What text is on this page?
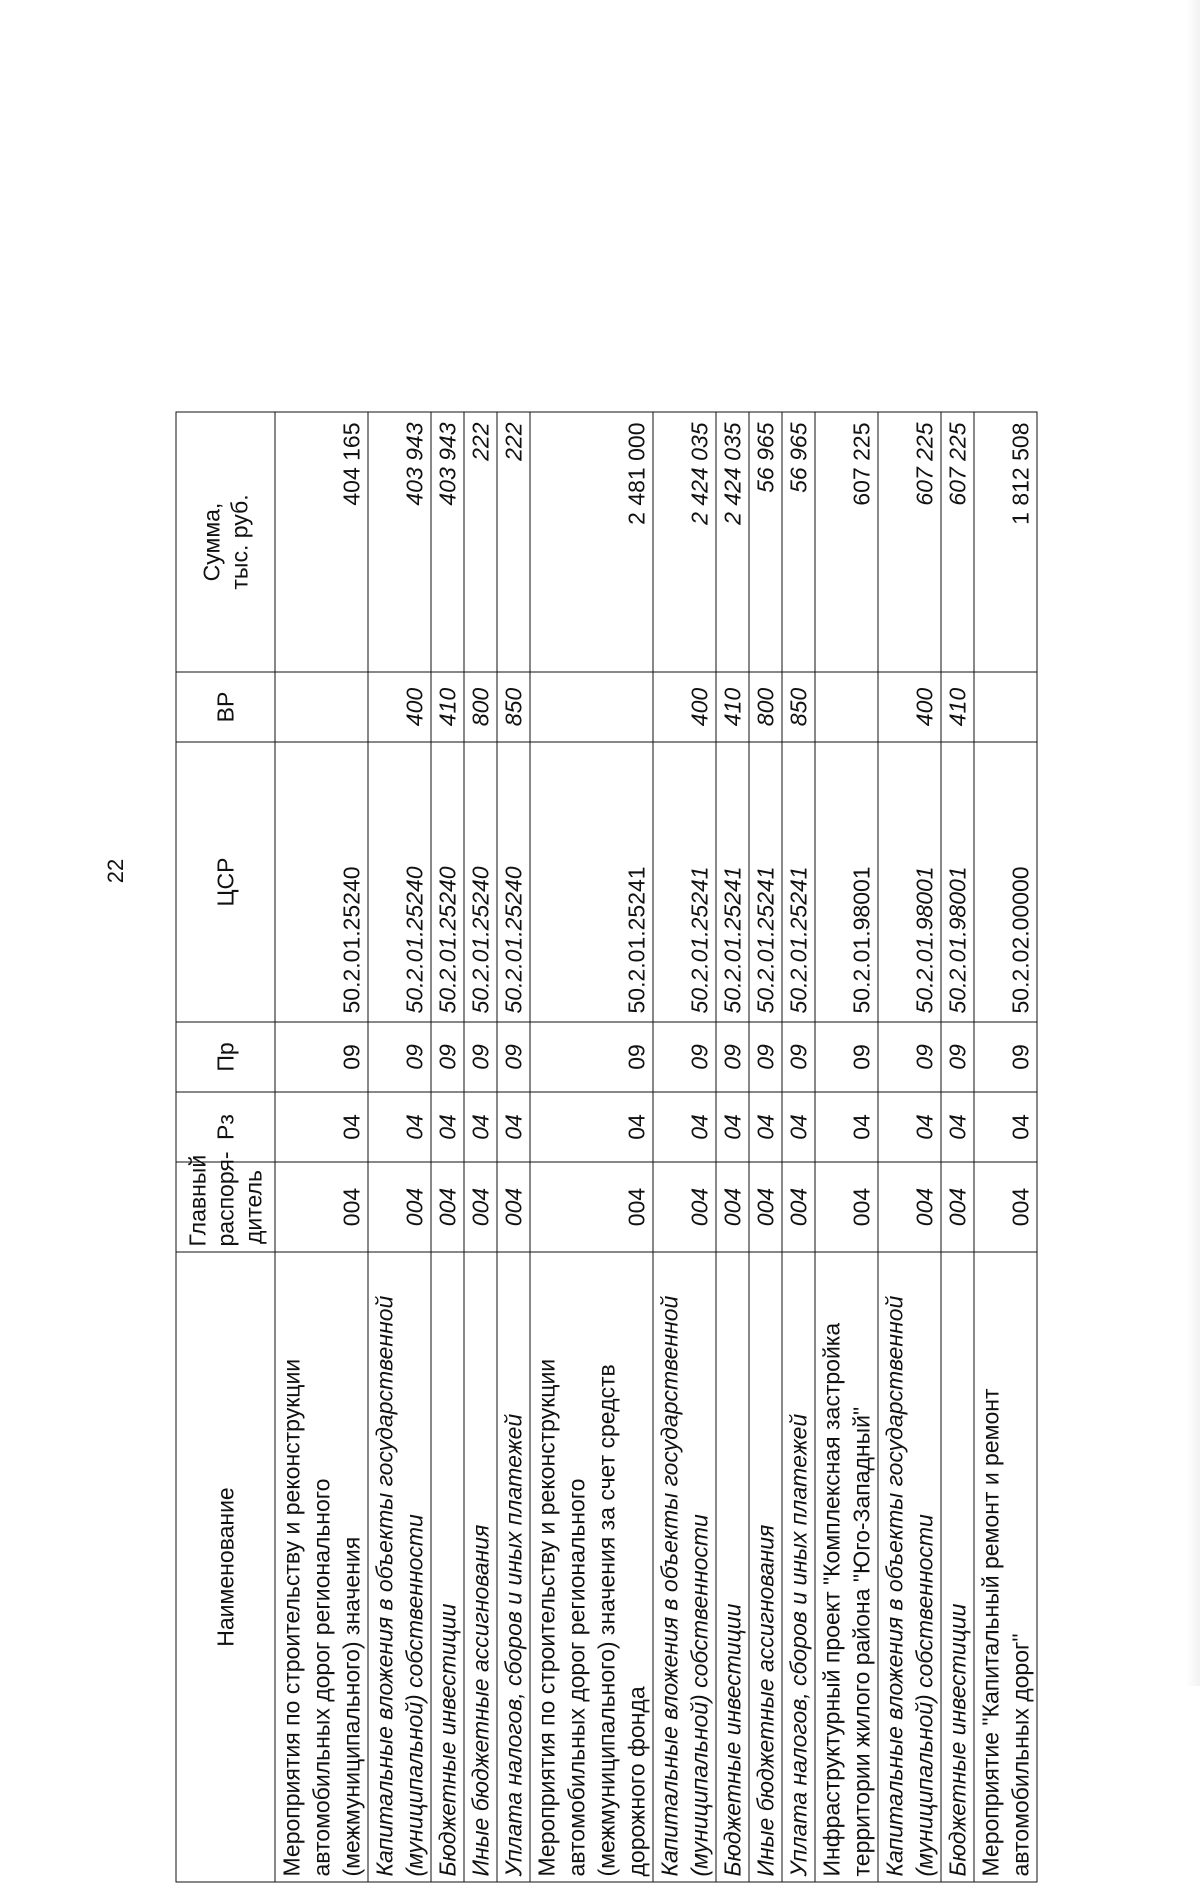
22
Наименование	Главный
распоря-
дитель	Рз	Пр	ЦСР	ВР	Сумма,
тыс. руб.
Мероприятия по строительству и реконструкции автомобильных дорог регионального (межмуниципального) значения	004	04	09	50.2.01.25240		404 165
Капитальные вложения в объекты государственной (муниципальной) собственности	004	04	09	50.2.01.25240	400	403 943
Бюджетные инвестиции	004	04	09	50.2.01.25240	410	403 943
Иные бюджетные ассигнования	004	04	09	50.2.01.25240	800	222
Уплата налогов, сборов и иных платежей	004	04	09	50.2.01.25240	850	222
Мероприятия по строительству и реконструкции автомобильных дорог регионального (межмуниципального) значения за счет средств дорожного фонда	004	04	09	50.2.01.25241		2 481 000
Капитальные вложения в объекты государственной (муниципальной) собственности	004	04	09	50.2.01.25241	400	2 424 035
Бюджетные инвестиции	004	04	09	50.2.01.25241	410	2 424 035
Иные бюджетные ассигнования	004	04	09	50.2.01.25241	800	56 965
Уплата налогов, сборов и иных платежей	004	04	09	50.2.01.25241	850	56 965
Инфраструктурный проект "Комплексная застройка территории жилого района "Юго-Западный"	004	04	09	50.2.01.98001		607 225
Капитальные вложения в объекты государственной (муниципальной) собственности	004	04	09	50.2.01.98001	400	607 225
Бюджетные инвестиции	004	04	09	50.2.01.98001	410	607 225
Мероприятие "Капитальный ремонт и ремонт автомобильных дорог"	004	04	09	50.2.02.00000		1 812 508
